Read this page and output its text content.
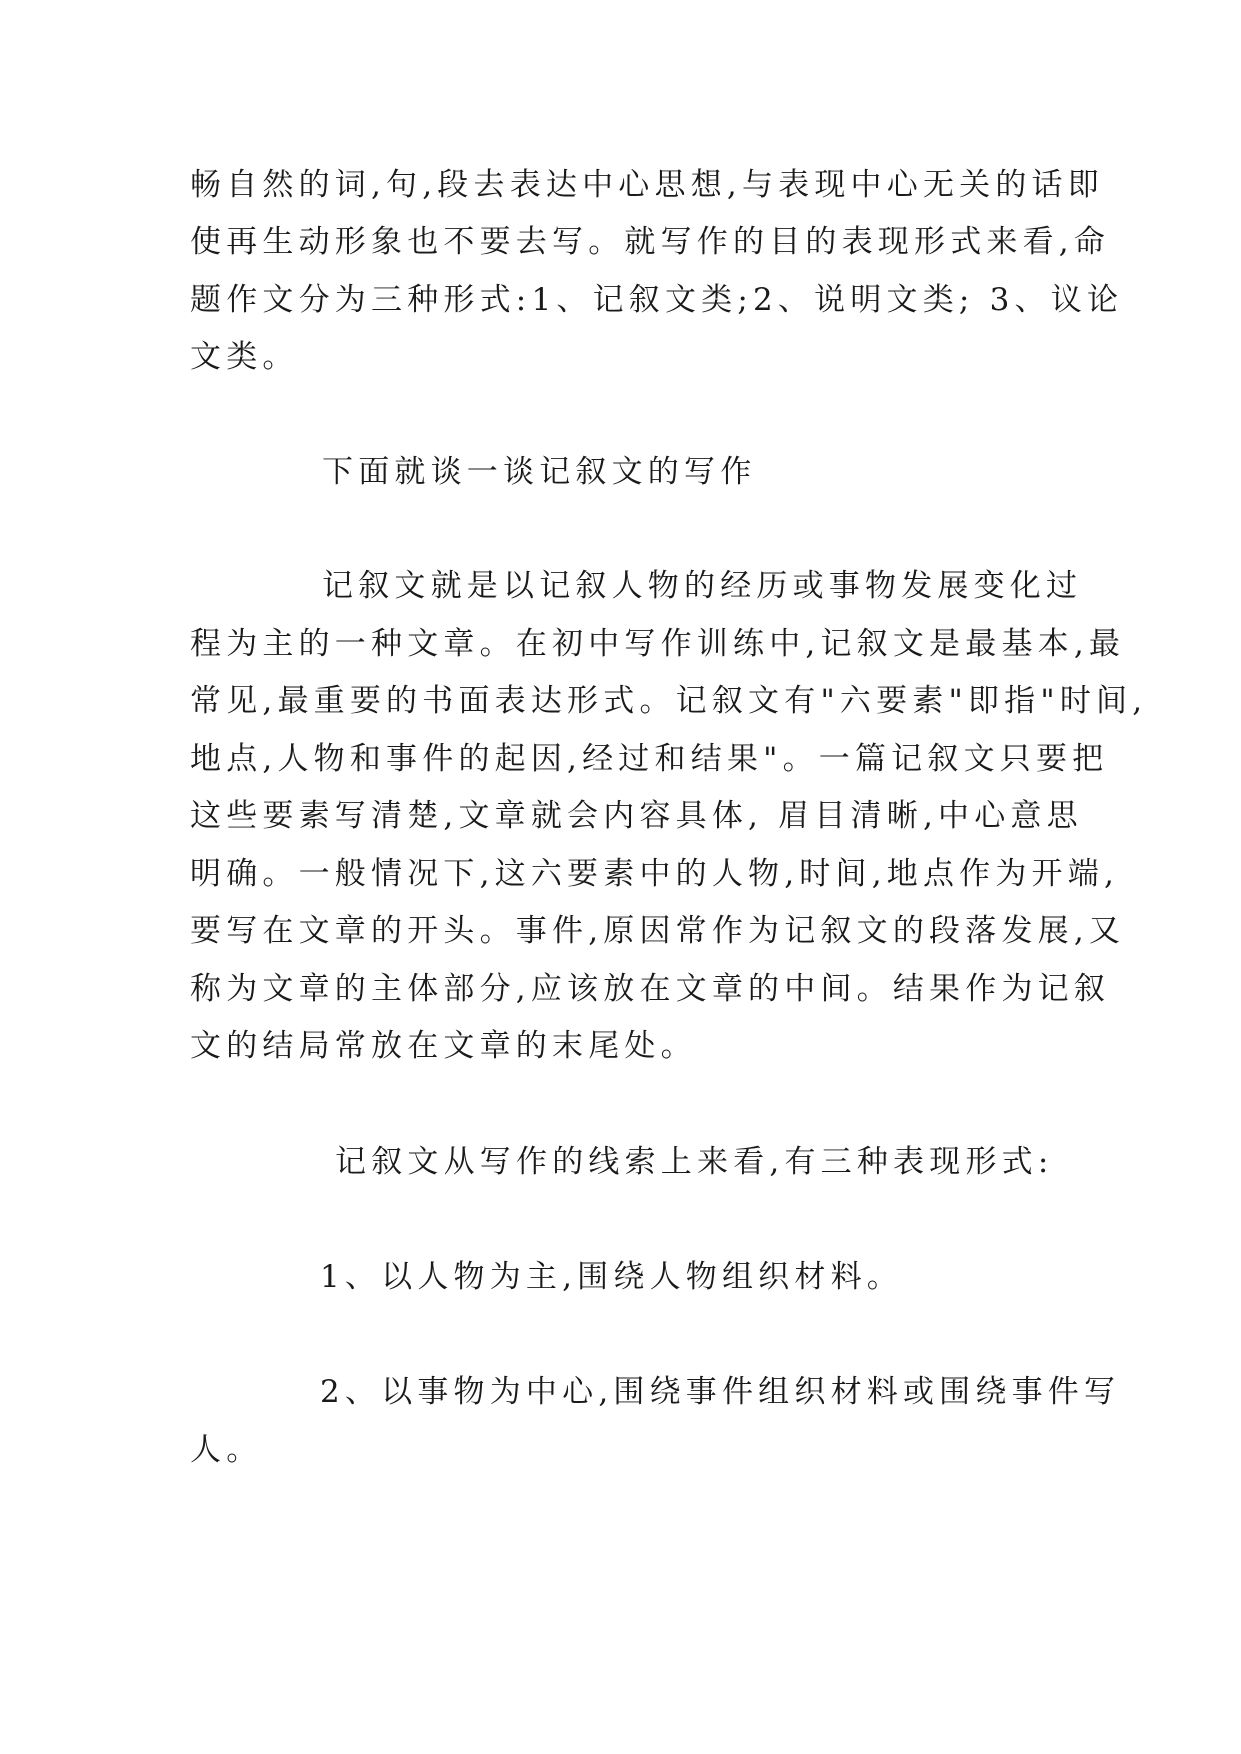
畅自然的词,句,段去表达中心思想,与表现中心无关的话即
使再生动形象也不要去写。就写作的目的表现形式来看,命
题作文分为三种形式:1、记叙文类;2、说明文类; 3、议论
文类。
下面就谈一谈记叙文的写作
记叙文就是以记叙人物的经历或事物发展变化过
程为主的一种文章。在初中写作训练中,记叙文是最基本,最
常见,最重要的书面表达形式。记叙文有"六要素"即指"时间,
地点,人物和事件的起因,经过和结果"。一篇记叙文只要把
这些要素写清楚,文章就会内容具体, 眉目清晰,中心意思
明确。一般情况下,这六要素中的人物,时间,地点作为开端,
要写在文章的开头。事件,原因常作为记叙文的段落发展,又
称为文章的主体部分,应该放在文章的中间。结果作为记叙
文的结局常放在文章的末尾处。
记叙文从写作的线索上来看,有三种表现形式:
1、以人物为主,围绕人物组织材料。
2、以事物为中心,围绕事件组织材料或围绕事件写
人。
